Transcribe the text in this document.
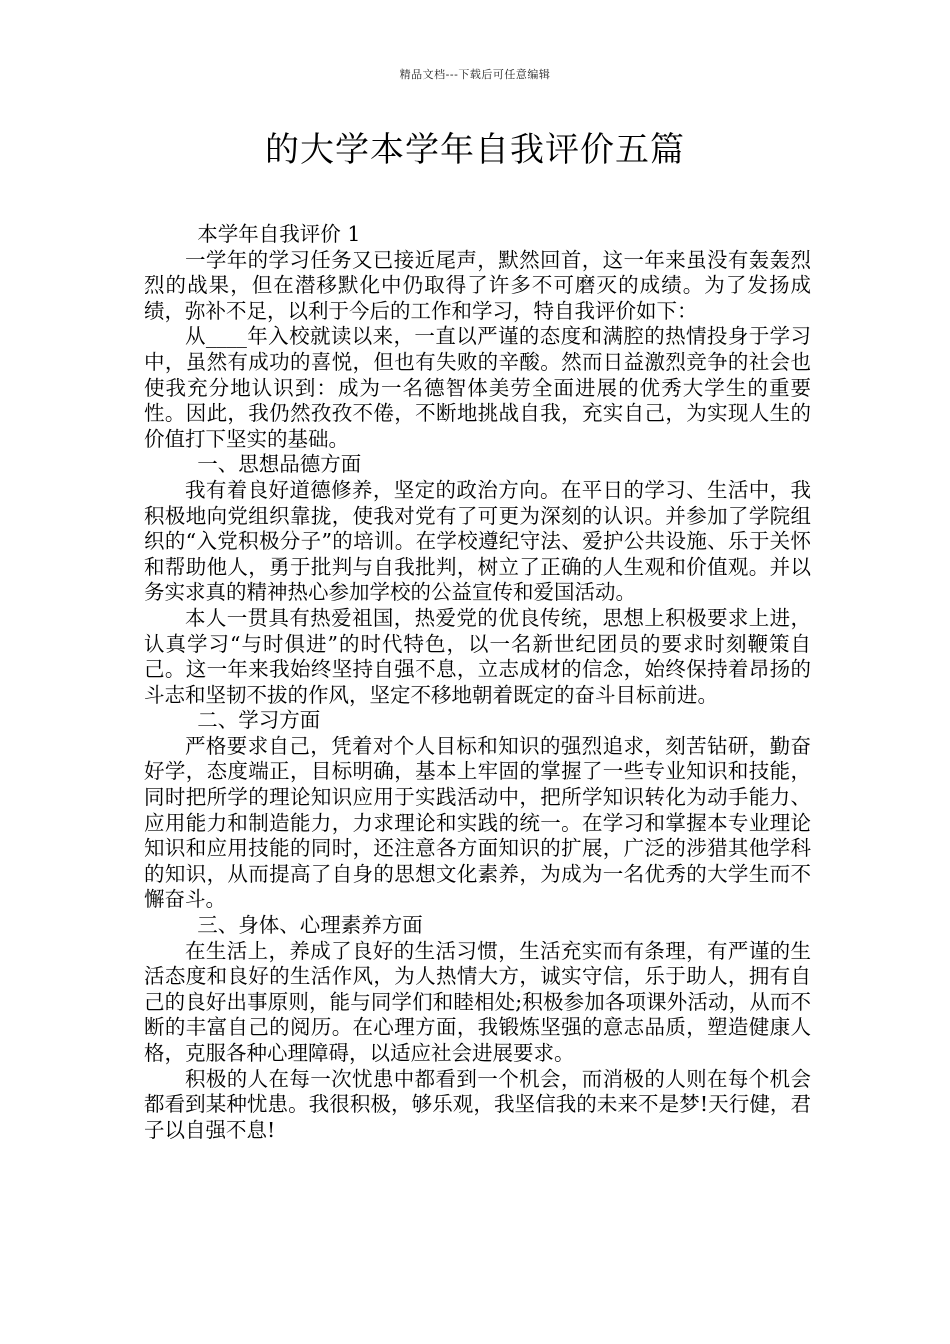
精品文档---下载后可任意编辑
的大学本学年自我评价五篇

本学年自我评价 1

一学年的学习任务又已接近尾声，默然回首，这一年来虽没有轰轰烈烈的战果，但在潜移默化中仍取得了许多不可磨灭的成绩。为了发扬成绩，弥补不足，以利于今后的工作和学习，特自我评价如下：

从____年入校就读以来，一直以严谨的态度和满腔的热情投身于学习中，虽然有成功的喜悦，但也有失败的辛酸。然而日益激烈竞争的社会也使我充分地认识到：成为一名德智体美劳全面进展的优秀大学生的重要性。因此，我仍然孜孜不倦，不断地挑战自我，充实自己，为实现人生的价值打下坚实的基础。

一、思想品德方面

我有着良好道德修养，坚定的政治方向。在平日的学习、生活中，我积极地向党组织靠拢，使我对党有了可更为深刻的认识。并参加了学院组织的“入党积极分子”的培训。在学校遵纪守法、爱护公共设施、乐于关怀和帮助他人，勇于批判与自我批判，树立了正确的人生观和价值观。并以务实求真的精神热心参加学校的公益宣传和爱国活动。

本人一贯具有热爱祖国，热爱党的优良传统，思想上积极要求上进，认真学习“与时俱进”的时代特色，以一名新世纪团员的要求时刻鞭策自己。这一年来我始终坚持自强不息，立志成材的信念，始终保持着昂扬的斗志和坚韧不拔的作风，坚定不移地朝着既定的奋斗目标前进。

二、学习方面

严格要求自己，凭着对个人目标和知识的强烈追求，刻苦钻研，勤奋好学，态度端正，目标明确，基本上牢固的掌握了一些专业知识和技能，同时把所学的理论知识应用于实践活动中，把所学知识转化为动手能力、应用能力和制造能力，力求理论和实践的统一。在学习和掌握本专业理论知识和应用技能的同时，还注意各方面知识的扩展，广泛的涉猎其他学科的知识，从而提高了自身的思想文化素养，为成为一名优秀的大学生而不懈奋斗。

三、身体、心理素养方面

在生活上，养成了良好的生活习惯，生活充实而有条理，有严谨的生活态度和良好的生活作风，为人热情大方，诚实守信，乐于助人，拥有自己的良好出事原则，能与同学们和睦相处;积极参加各项课外活动，从而不断的丰富自己的阅历。在心理方面，我锻炼坚强的意志品质，塑造健康人格，克服各种心理障碍，以适应社会进展要求。

积极的人在每一次忧患中都看到一个机会，而消极的人则在每个机会都看到某种忧患。我很积极，够乐观，我坚信我的未来不是梦!天行健，君子以自强不息!
